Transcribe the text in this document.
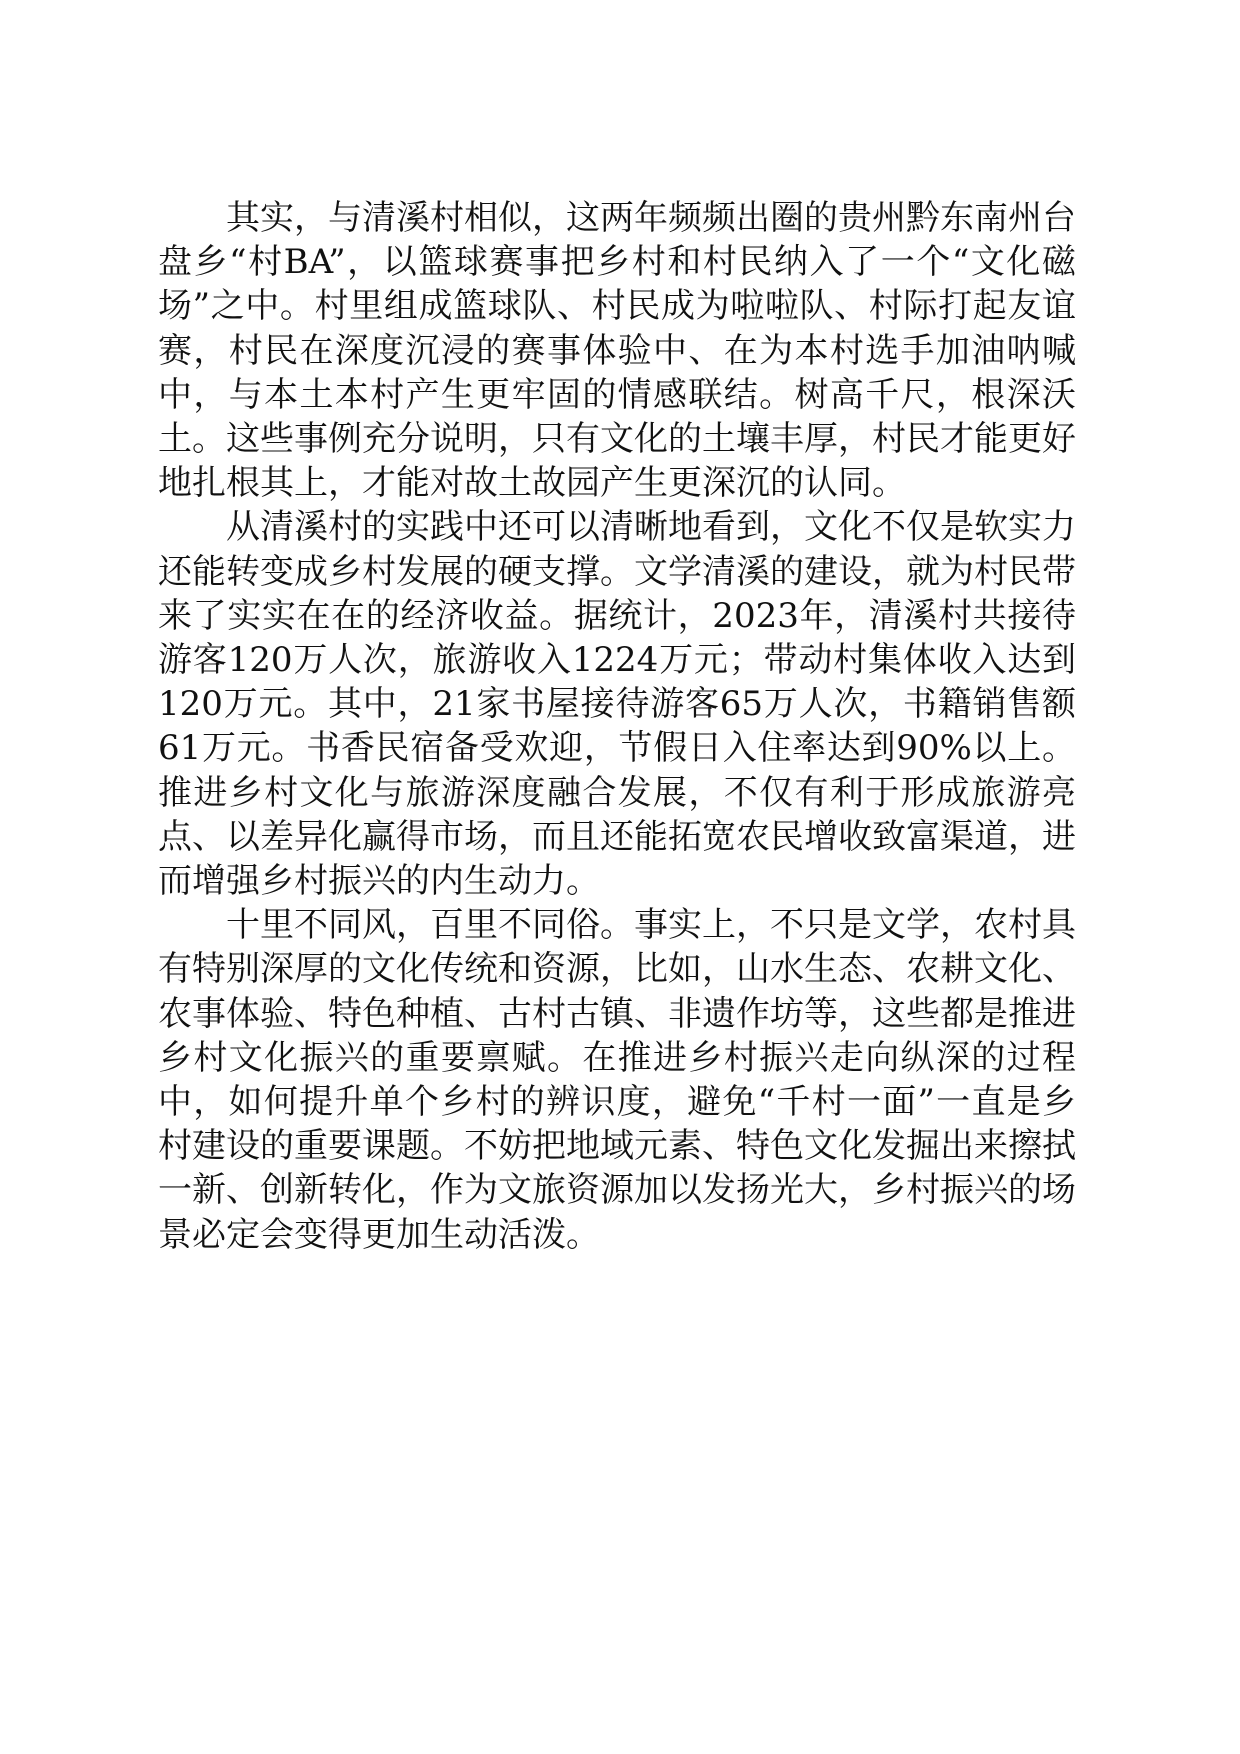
其实，与清溪村相似，这两年频频出圈的贵州黔东南州台盘乡“村BA”，以篮球赛事把乡村和村民纳入了一个“文化磁场”之中。村里组成篮球队、村民成为啦啦队、村际打起友谊赛，村民在深度沉浸的赛事体验中、在为本村选手加油呐喊中，与本土本村产生更牢固的情感联结。树高千尺，根深沃土。这些事例充分说明，只有文化的土壤丰厚，村民才能更好地扎根其上，才能对故土故园产生更深沉的认同。

从清溪村的实践中还可以清晰地看到，文化不仅是软实力还能转变成乡村发展的硬支撑。文学清溪的建设，就为村民带来了实实在在的经济收益。据统计，2023年，清溪村共接待游客120万人次，旅游收入1224万元；带动村集体收入达到120万元。其中，21家书屋接待游客65万人次，书籍销售额61万元。书香民宿备受欢迎，节假日入住率达到90%以上。推进乡村文化与旅游深度融合发展，不仅有利于形成旅游亮点、以差异化赢得市场，而且还能拓宽农民增收致富渠道，进而增强乡村振兴的内生动力。

十里不同风，百里不同俗。事实上，不只是文学，农村具有特别深厚的文化传统和资源，比如，山水生态、农耕文化、农事体验、特色种植、古村古镇、非遗作坊等，这些都是推进乡村文化振兴的重要禀赋。在推进乡村振兴走向纵深的过程中，如何提升单个乡村的辨识度，避免“千村一面”一直是乡村建设的重要课题。不妨把地域元素、特色文化发掘出来擦拭一新、创新转化，作为文旅资源加以发扬光大，乡村振兴的场景必定会变得更加生动活泼。
